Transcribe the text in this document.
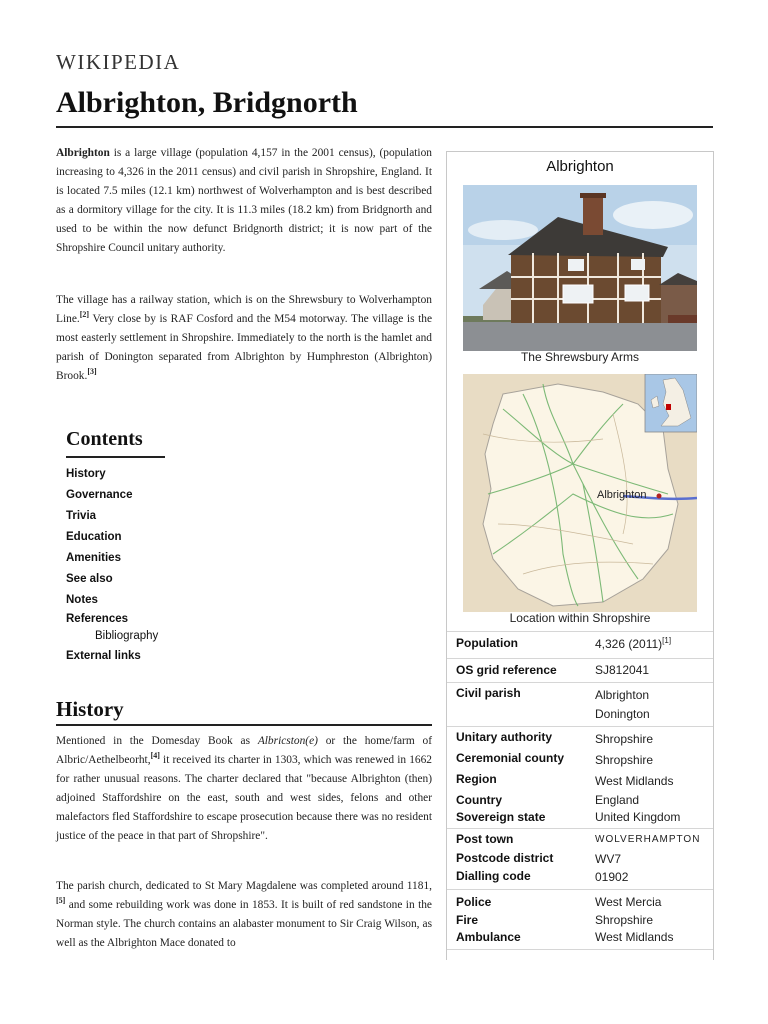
WIKIPEDIA
Albrighton, Bridgnorth

Albrighton is a large village (population 4,157 in the 2001 census), (population increasing to 4,326 in the 2011 census) and civil parish in Shropshire, England. It is located 7.5 miles (12.1 km) northwest of Wolverhampton and is best described as a dormitory village for the city. It is 11.3 miles (18.2 km) from Bridgnorth and used to be within the now defunct Bridgnorth district; it is now part of the Shropshire Council unitary authority.

The village has a railway station, which is on the Shrewsbury to Wolverhampton Line.[2] Very close by is RAF Cosford and the M54 motorway. The village is the most easterly settlement in Shropshire. Immediately to the north is the hamlet and parish of Donington separated from Albrighton by Humphreston (Albrighton) Brook.[3]

Contents
History
Governance
Trivia
Education
Amenities
See also
Notes
References
Bibliography
External links
History

Mentioned in the Domesday Book as Albricston(e) or the home/farm of Albric/Aethelbeorht,[4] it received its charter in 1303, which was renewed in 1662 for rather unusual reasons. The charter declared that "because Albrighton (then) adjoined Staffordshire on the east, south and west sides, felons and other malefactors fled Staffordshire to escape prosecution because there was no resident justice of the peace in that part of Shropshire".

The parish church, dedicated to St Mary Magdalene was completed around 1181,[5] and some rebuilding work was done in 1853. It is built of red sandstone in the Norman style. The church contains an alabaster monument to Sir Craig Wilson, as well as the Albrighton Mace donated to

Albrighton
The Shrewsbury Arms
Albrighton
Location within Shropshire
Population	4,326 (2011)[1]
OS grid reference	SJ812041
Civil parish	Albrighton
Donington
Unitary authority	Shropshire
Ceremonial county	Shropshire
Region	West Midlands
Country	England
Sovereign state	United Kingdom
Post town	WOLVERHAMPTON
Postcode district	WV7
Dialling code	01902
Police	West Mercia
Fire	Shropshire
Ambulance	West Midlands
